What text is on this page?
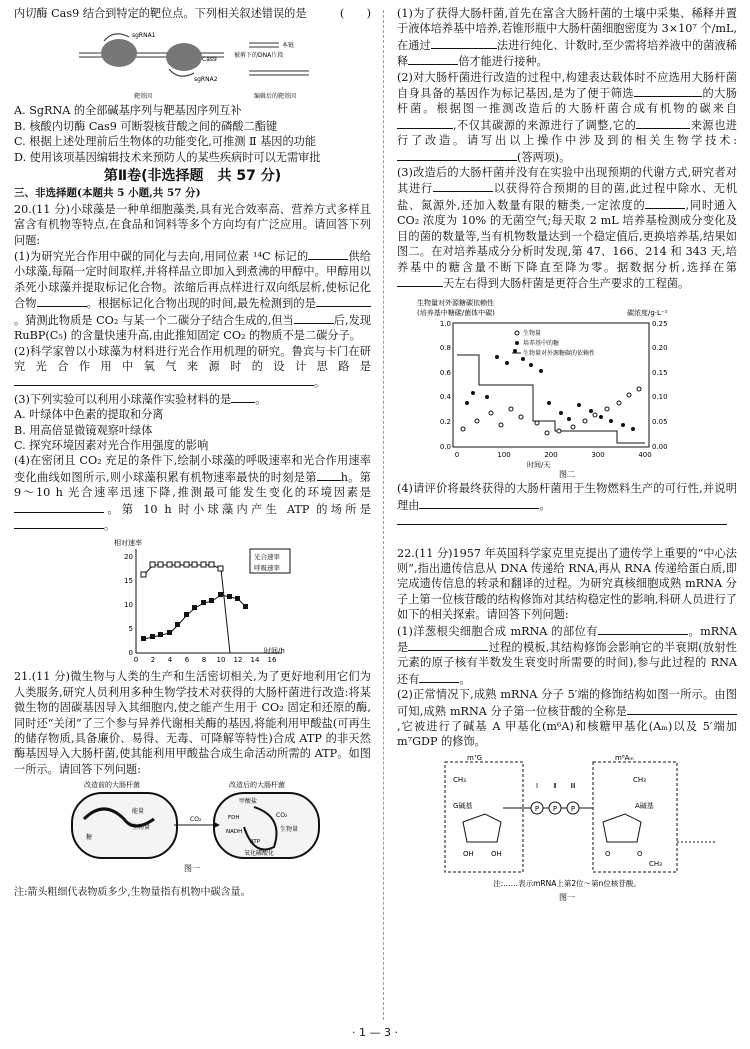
内切酶 Cas9 结合到特定的靶位点。下列相关叙述错误的是	(　　)

sgRNA1
sgRNA2
Cas9
本链
被剪下的DNA片段
靶基因	编辑后的靶基因

A. SgRNA 的全部碱基序列与靶基因序列互补

B. 核酸内切酶 Cas9 可断裂核苷酸之间的磷酸二酯键

C. 根据上述处理前后生物体的功能变化,可推测 Ⅱ 基因的功能

D. 使用该项基因编辑技术来预防人的某些疾病时可以无需审批

第Ⅱ卷(非选择题　共 57 分)

三、非选择题(本题共 5 小题,共 57 分)

20.(11 分)小球藻是一种单细胞藻类,具有光合效率高、营养方式多样且富含有机物等特点,在食品和饲料等多个方向均有广泛应用。请回答下列问题:

(1)为研究光合作用中碳的同化与去向,用同位素 ¹⁴C 标记的	供给小球藻,每隔一定时间取样,并将样品立即加入到煮沸的甲醇中。甲醇用以杀死小球藻并提取标记化合物。浓缩后再点样进行双向纸层析,使标记化合物	。根据标记化合物出现的时间,最先检测到的是。猜测此物质是 CO₂ 与某一个二碳分子结合生成的,但当	后,发现 RuBP(C₅) 的含量快速升高,由此推知固定 CO₂ 的物质不是二碳分子。

(2)科学家曾以小球藻为材料进行光合作用机理的研究。鲁宾与卡门在研究光合作用中氧气来源时的设计思路是。

(3)下列实验可以利用小球藻作实验材料的是 。

A. 叶绿体中色素的提取和分离

B. 用高倍显微镜观察叶绿体

C. 探究环境因素对光合作用强度的影响

(4)在密闭且 CO₂ 充足的条件下,绘制小球藻的呼吸速率和光合作用速率变化曲线如图所示,则小球藻积累有机物速率最快的时刻是第 h。第 9～10 h 光合速率迅速下降,推测最可能发生变化的环境因素是。第 10 h 时小球藻内产生 ATP 的场所是。

相对速率
0
5
10
15
20
0 2 4 6 8 10 12 14 16
时间/h
光合速率
呼吸速率

21.(11 分)微生物与人类的生产和生活密切相关,为了更好地利用它们为人类服务,研究人员利用多种生物学技术对获得的大肠杆菌进行改造:将某微生物的固碳基因导入其细胞内,使之能产生用于 CO₂ 固定和还原的酶,同时还“关闭”了三个参与异养代谢相关酶的基因,将能利用甲酸盐(可再生的储存物质,具备廉价、易得、无毒、可降解等特性)合成 ATP 的非天然酶基因导入大肠杆菌,使其能利用甲酸盐合成生命活动所需的 ATP。如图一所示。请回答下列问题:

改造前的大肠杆菌	改造后的大肠杆菌
糖
能量
生物量
CO₂
甲酸盐
FDH
NADH
ATP
CO₂
生物量
氧化磷酸化
图一

注:箭头粗细代表物质多少,生物量指有机物中碳含量。

(1)为了获得大肠杆菌,首先在富含大肠杆菌的土壤中采集、稀释并置于液体培养基中培养,若锥形瓶中大肠杆菌细胞密度为 3×10⁷ 个/mL,在通过	法进行纯化、计数时,至少需将培养液中的菌液稀释	倍才能进行接种。

(2)对大肠杆菌进行改造的过程中,构建表达载体时不应选用大肠杆菌自身具备的基因作为标记基因,是为了便于筛选	的大肠杆菌。根据图一推测改造后的大肠杆菌合成有机物的碳来自,不仅其碳源的来源进行了调整,它的	来源也进行了改造。请写出以上操作中涉及到的相关生物学技术:(答两项)。

(3)改造后的大肠杆菌并没有在实验中出现预期的代谢方式,研究者对其进行	以获得符合预期的目的菌,此过程中除水、无机盐、氮源外,还加入数量有限的糖类,一定浓度的	,同时通入 CO₂ 浓度为 10% 的无菌空气;每天取 2 mL 培养基检测成分变化及目的菌的数量等,当有机物数量达到一个稳定值后,更换培养基,结果如图二。在对培养基成分分析时发现,第 47、166、214 和 343 天,培养基中的糖含量不断下降直至降为零。据数据分析,选择在第天左右得到大肠杆菌是更符合生产要求的工程菌。

生物量对外源糖碳依赖性
(培养基中糖碳/菌体中碳)	碳浓度/g·L⁻¹
0.0
0.2
0.4
0.6
0.8
1.0
0.00
0.05
0.10
0.15
0.20
0.25
0	100	200	300	400
时间/天
生物量
培养基中的糖
生物量对外源糖碳的依赖性
图二

(4)请评价将最终获得的大肠杆菌用于生物燃料生产的可行性,并说明理由	。

22.(11 分)1957 年英国科学家克里克提出了遗传学上重要的“中心法则”,指出遗传信息从 DNA 传递给 RNA,再从 RNA 传递给蛋白质,即完成遗传信息的转录和翻译的过程。为研究真核细胞成熟 mRNA 分子上第一位核苷酸的结构修饰对其结构稳定性的影响,科研人员进行了如下的相关探索。请回答下列问题:

(1)洋葱根尖细胞合成 mRNA 的部位有	。mRNA 是	过程的模板,其结构修饰会影响它的半衰期(放射性元素的原子核有半数发生衰变时所需要的时间),参与此过程的 RNA 还有	。

(2)正常情况下,成熟 mRNA 分子 5′端的修饰结构如图一所示。由图可知,成熟 mRNA 分子第一位核苷酸的全称是,它被进行了碱基 A 甲基化(m⁶A)和核糖甲基化(Aₘ)以及 5′端加 m⁷GDP 的修饰。

m⁷G
CH₃
G碱基
OH OH
Ⅰ Ⅱ Ⅲ
P P P
m⁶Aₘ
CH₃
A碱基
O	O
CH₃
注:……表示mRNA上第2位～第n位核苷酸。
图一
· 1 — 3 ·
